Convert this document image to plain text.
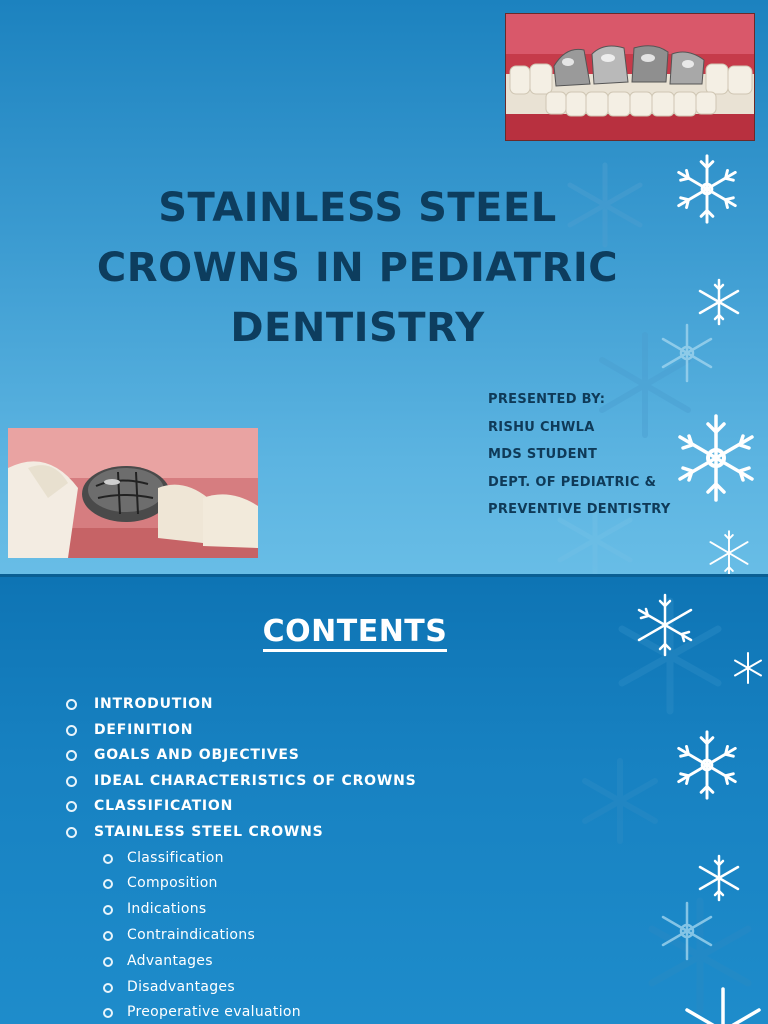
STAINLESS STEEL
CROWNS IN PEDIATRIC
DENTISTRY
PRESENTED BY:
RISHU CHWLA
MDS STUDENT
DEPT. OF PEDIATRIC &
PREVENTIVE DENTISTRY
CONTENTS
INTRODUTION
DEFINITION
GOALS AND OBJECTIVES
IDEAL CHARACTERISTICS OF CROWNS
CLASSIFICATION
STAINLESS STEEL CROWNS
Classification
Composition
Indications
Contraindications
Advantages
Disadvantages
Preoperative evaluation
